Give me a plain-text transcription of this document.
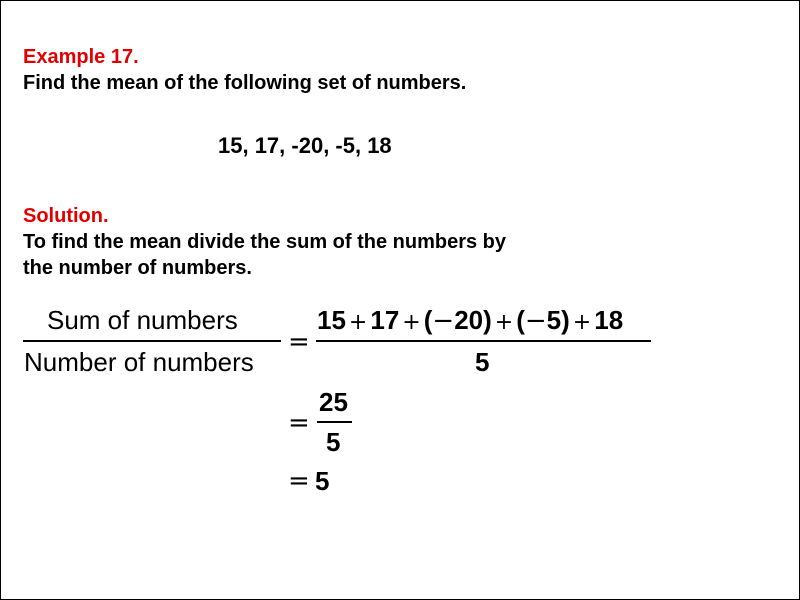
Example 17.
Find the mean of the following set of numbers.
15, 17, -20, -5, 18
Solution.
To find the mean divide the sum of the numbers by
the number of numbers.
Sum of numbers
Number of numbers
=
15 + 17 + (−20) + (−5) + 18
5
=
25
5
= 5
